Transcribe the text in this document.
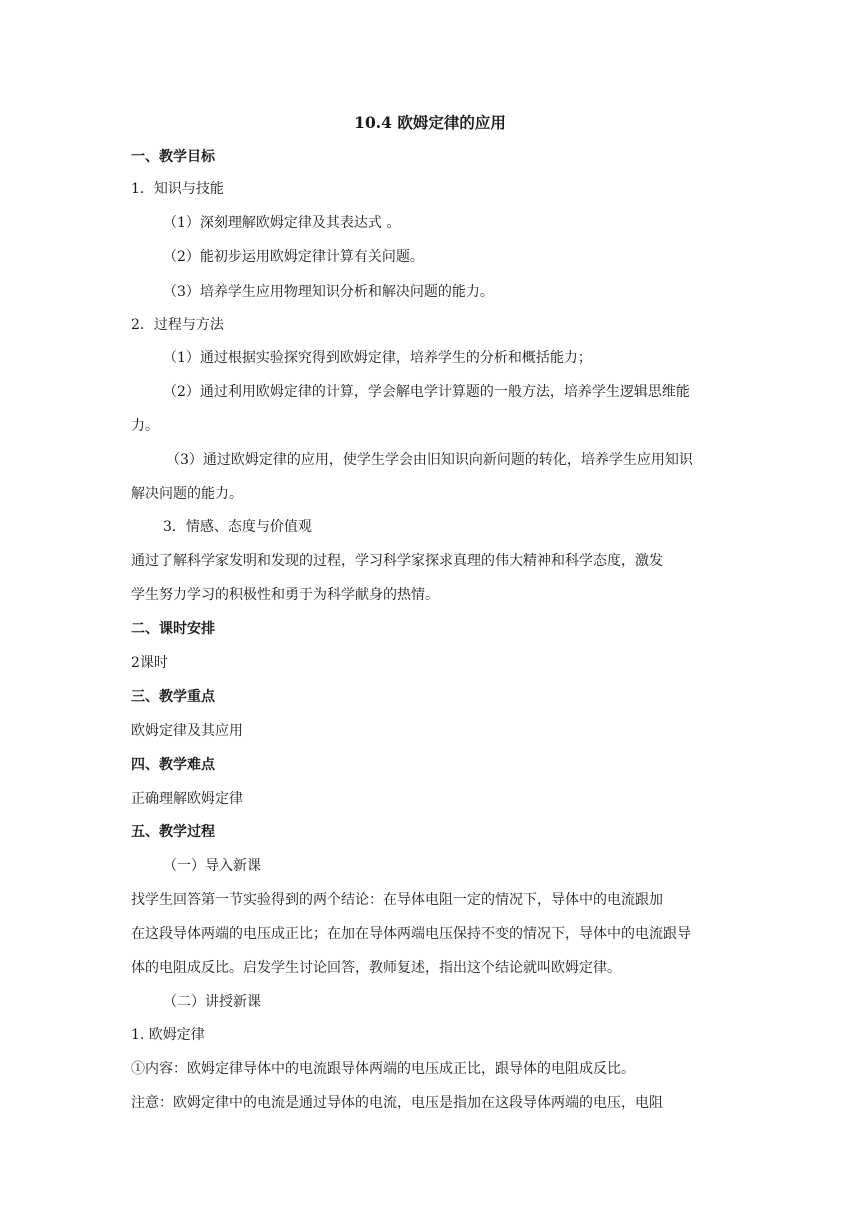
10.4 欧姆定律的应用
一、教学目标
1．知识与技能
（1）深刻理解欧姆定律及其表达式 。
（2）能初步运用欧姆定律计算有关问题。
（3）培养学生应用物理知识分析和解决问题的能力。
2．过程与方法
（1）通过根据实验探究得到欧姆定律，培养学生的分析和概括能力；
（2）通过利用欧姆定律的计算，学会解电学计算题的一般方法，培养学生逻辑思维能
力。
（3）通过欧姆定律的应用，使学生学会由旧知识向新问题的转化，培养学生应用知识
解决问题的能力。
3．情感、态度与价值观
通过了解科学家发明和发现的过程，学习科学家探求真理的伟大精神和科学态度，激发
学生努力学习的积极性和勇于为科学献身的热情。
二、课时安排
2课时
三、教学重点
欧姆定律及其应用
四、教学难点
正确理解欧姆定律
五、教学过程
（一）导入新课
找学生回答第一节实验得到的两个结论：在导体电阻一定的情况下，导体中的电流跟加
在这段导体两端的电压成正比；在加在导体两端电压保持不变的情况下，导体中的电流跟导
体的电阻成反比。启发学生讨论回答，教师复述，指出这个结论就叫欧姆定律。
（二）讲授新课
1. 欧姆定律
①内容：欧姆定律导体中的电流跟导体两端的电压成正比，跟导体的电阻成反比。
注意：欧姆定律中的电流是通过导体的电流，电压是指加在这段导体两端的电压，电阻
